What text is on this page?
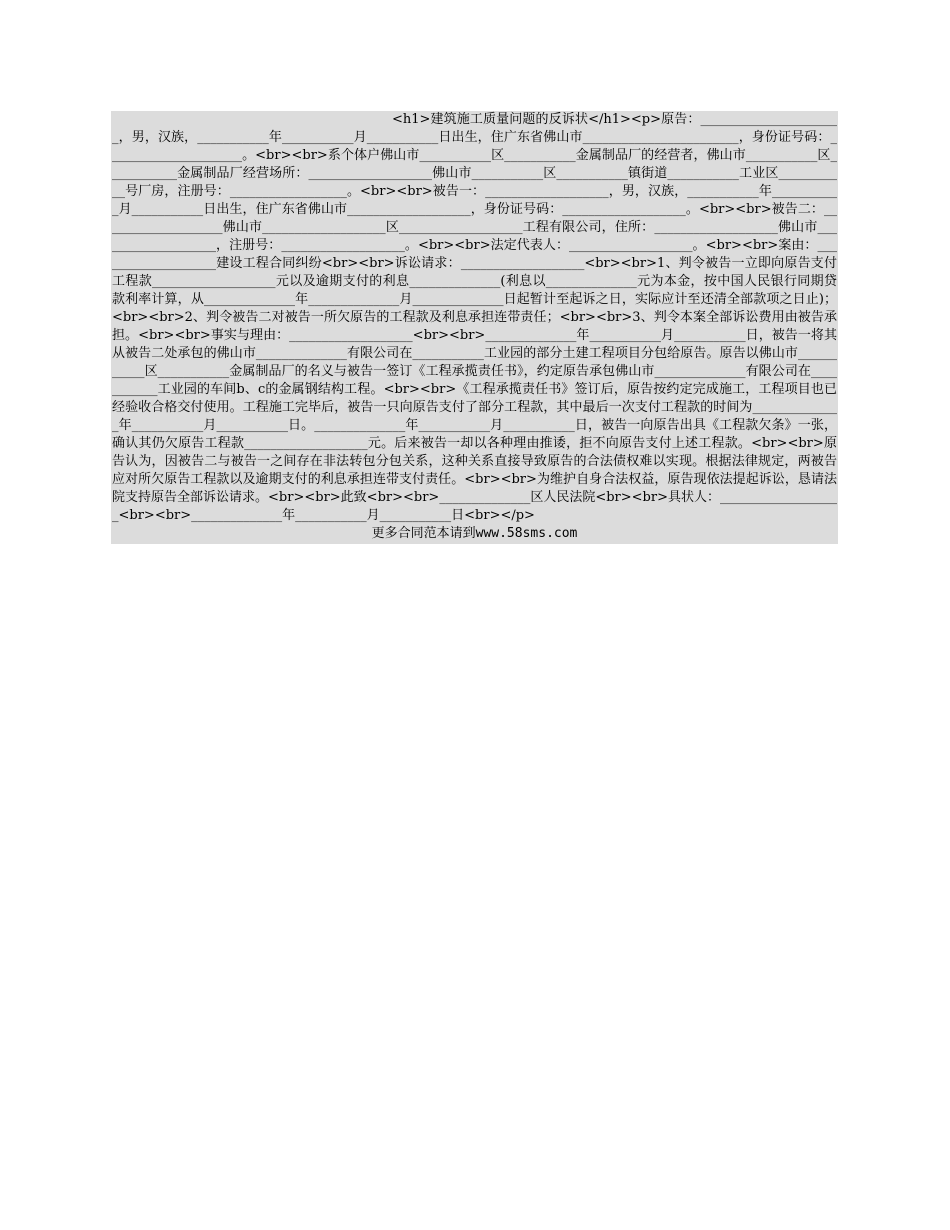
<h1>建筑施工质量问题的反诉状</h1><p>原告：______________________，男，汉族，___________年___________月___________日出生，住广东省佛山市________________________，身份证号码：_____________________。<br><br>系个体户佛山市___________区___________金属制品厂的经营者，佛山市___________区___________金属制品厂经营场所：___________________佛山市___________区___________镇街道___________工业区___________号厂房，注册号：__________________。<br><br>被告一：___________________，男，汉族，___________年___________月___________日出生，住广东省佛山市___________________，身份证号码：___________________。<br><br>被告二：___________________佛山市___________________区___________________工程有限公司，住所：___________________佛山市___________________，注册号：___________________。<br><br>法定代表人：___________________。<br><br>案由：___________________建设工程合同纠纷<br><br>诉讼请求：___________________<br><br>1、判令被告一立即向原告支付工程款___________________元以及逾期支付的利息______________(利息以______________元为本金，按中国人民银行同期贷款利率计算，从______________年______________月______________日起暂计至起诉之日，实际应计至还清全部款项之日止)；<br><br>2、判令被告二对被告一所欠原告的工程款及利息承担连带责任；<br><br>3、判令本案全部诉讼费用由被告承担。<br><br>事实与理由：___________________<br><br>______________年___________月___________日，被告一将其从被告二处承包的佛山市______________有限公司在___________工业园的部分土建工程项目分包给原告。原告以佛山市___________区___________金属制品厂的名义与被告一签订《工程承揽责任书》，约定原告承包佛山市______________有限公司在___________工业园的车间b、c的金属钢结构工程。<br><br>《工程承揽责任书》签订后，原告按约定完成施工，工程项目也已经验收合格交付使用。工程施工完毕后，被告一只向原告支付了部分工程款，其中最后一次支付工程款的时间为______________年___________月___________日。______________年___________月___________日，被告一向原告出具《工程款欠条》一张，确认其仍欠原告工程款___________________元。后来被告一却以各种理由推诿，拒不向原告支付上述工程款。<br><br>原告认为，因被告二与被告一之间存在非法转包分包关系，这种关系直接导致原告的合法债权难以实现。根据法律规定，两被告应对所欠原告工程款以及逾期支付的利息承担连带支付责任。<br><br>为维护自身合法权益，原告现依法提起诉讼，恳请法院支持原告全部诉讼请求。<br><br>此致<br><br>______________区人民法院<br><br>具状人：___________________<br><br>______________年___________月___________日<br></p>
更多合同范本请到www.58sms.com
